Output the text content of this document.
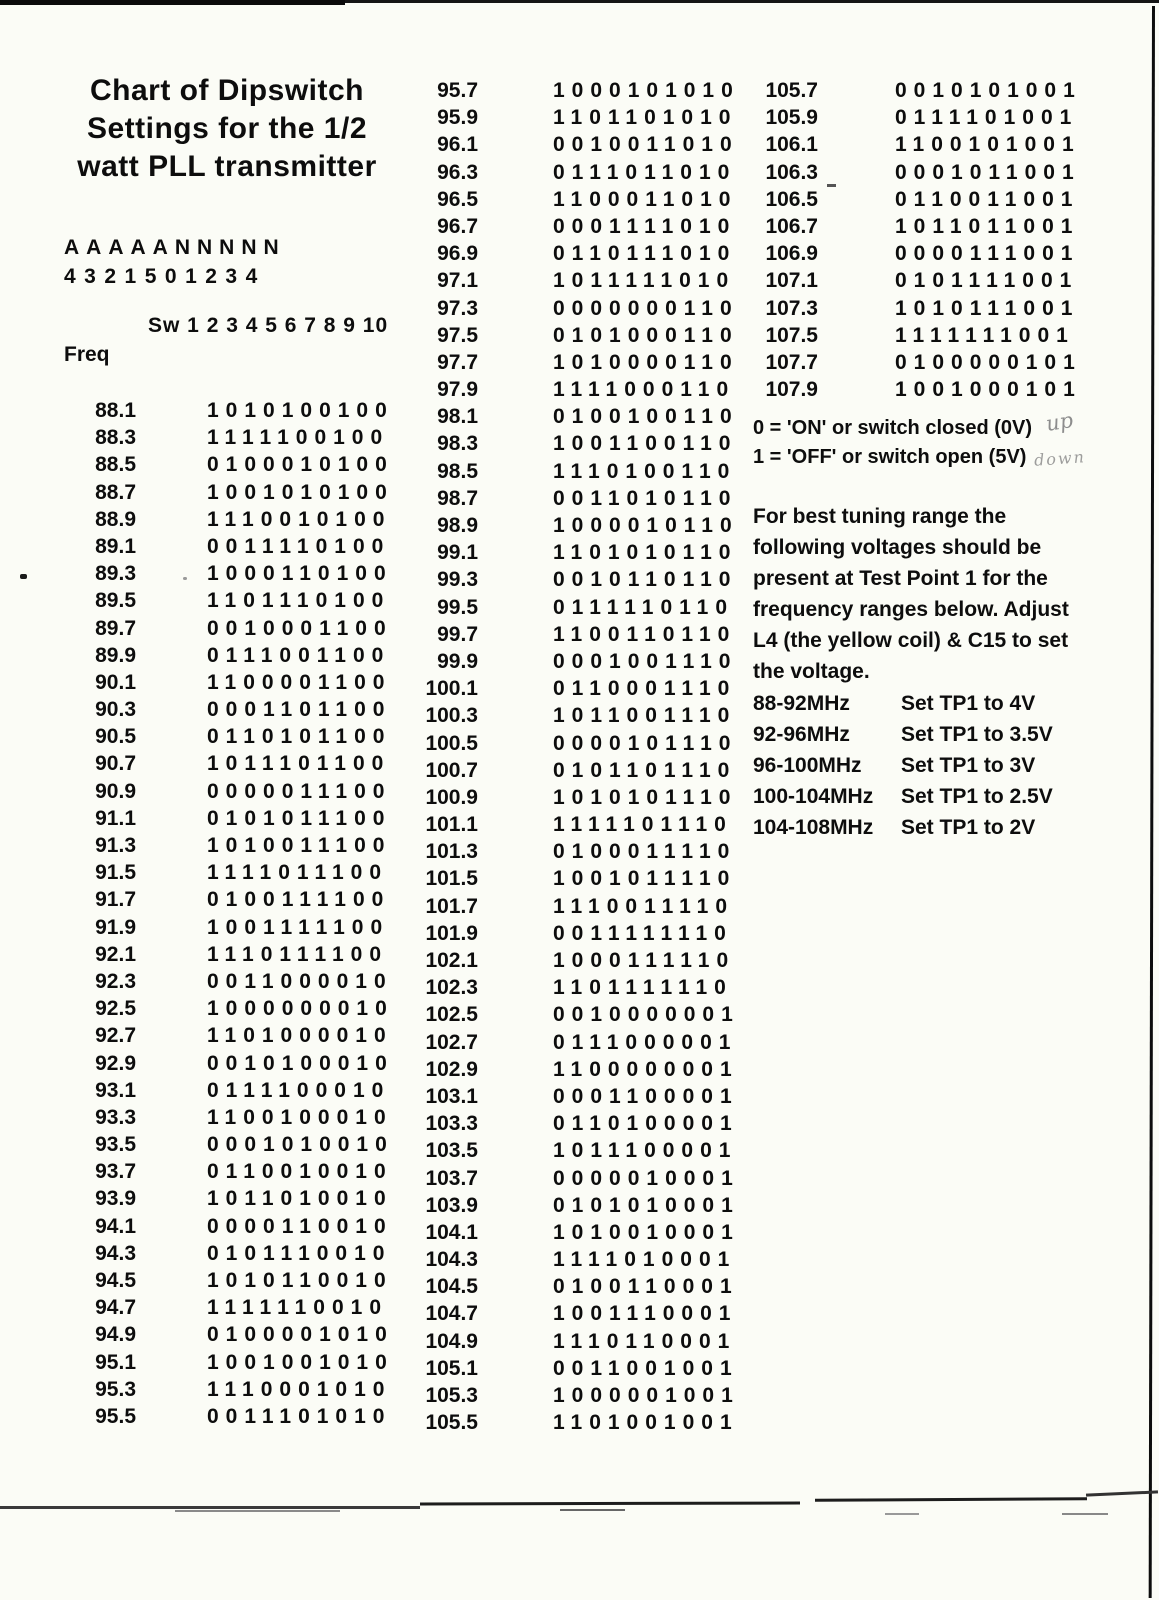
Chart of Dipswitch
Settings for the 1/2
watt PLL transmitter
AAAAANNNNN
4321501234
Sw 1 2 3 4 5 6 7 8 9 10
Freq
88.1	1010100100
88.3	1111100100
88.5	0100010100
88.7	1001010100
88.9	1110010100
89.1	0011110100
89.3	1000110100
89.5	1101110100
89.7	0010001100
89.9	0111001100
90.1	1100001100
90.3	0001101100
90.5	0110101100
90.7	1011101100
90.9	0000011100
91.1	0101011100
91.3	1010011100
91.5	1111011100
91.7	0100111100
91.9	1001111100
92.1	1110111100
92.3	0011000010
92.5	1000000010
92.7	1101000010
92.9	0010100010
93.1	0111100010
93.3	1100100010
93.5	0001010010
93.7	0110010010
93.9	1011010010
94.1	0000110010
94.3	0101110010
94.5	1010110010
94.7	1111110010
94.9	0100001010
95.1	1001001010
95.3	1110001010
95.5	0011101010
95.7	1000101010
95.9	1101101010
96.1	0010011010
96.3	0111011010
96.5	1100011010
96.7	0001111010
96.9	0110111010
97.1	1011111010
97.3	0000000110
97.5	0101000110
97.7	1010000110
97.9	1111000110
98.1	0100100110
98.3	1001100110
98.5	1110100110
98.7	0011010110
98.9	1000010110
99.1	1101010110
99.3	0010110110
99.5	0111110110
99.7	1100110110
99.9	0001001110
100.1	0110001110
100.3	1011001110
100.5	0000101110
100.7	0101101110
100.9	1010101110
101.1	1111101110
101.3	0100011110
101.5	1001011110
101.7	1110011110
101.9	0011111110
102.1	1000111110
102.3	1101111110
102.5	0010000001
102.7	0111000001
102.9	1100000001
103.1	0001100001
103.3	0110100001
103.5	1011100001
103.7	0000010001
103.9	0101010001
104.1	1010010001
104.3	1111010001
104.5	0100110001
104.7	1001110001
104.9	1110110001
105.1	0011001001
105.3	1000001001
105.5	1101001001
105.7	0010101001
105.9	0111101001
106.1	1100101001
106.3	0001011001
106.5	0110011001
106.7	1011011001
106.9	0000111001
107.1	0101111001
107.3	1010111001
107.5	1111111001
107.7	0100000101
107.9	1001000101
0 = 'ON' or switch closed (0V)
1 = 'OFF' or switch open (5V)
up
down
For best tuning range the
following voltages should be
present at Test Point 1 for the
frequency ranges below. Adjust
L4 (the yellow coil) & C15 to set
the voltage.
88-92MHz Set TP1 to 4V
92-96MHz Set TP1 to 3.5V
96-100MHz Set TP1 to 3V
100-104MHz Set TP1 to 2.5V
104-108MHz Set TP1 to 2V
